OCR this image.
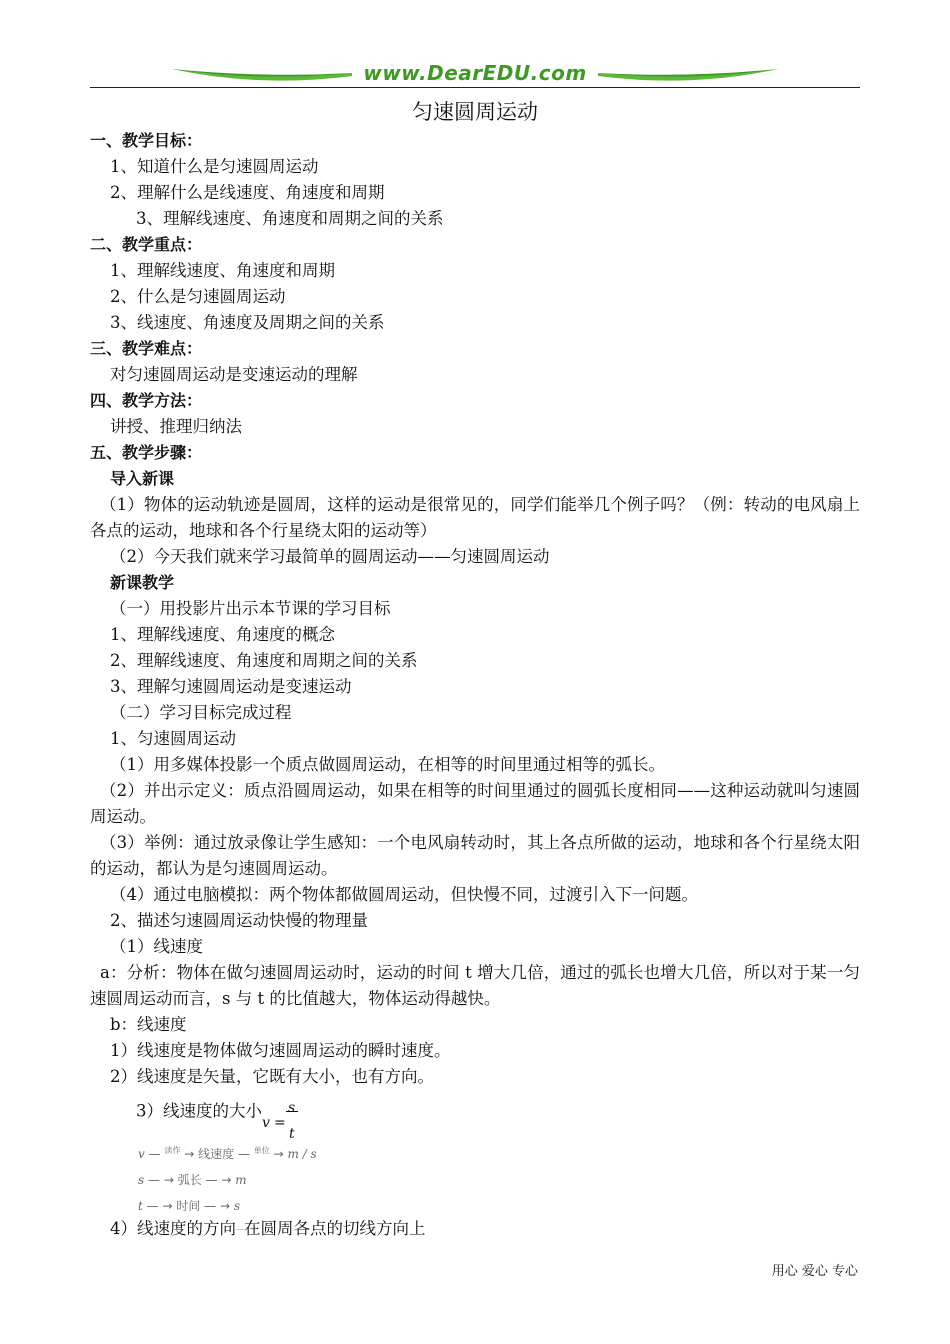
www.DearEDU.com
匀速圆周运动
一、教学目标：
1、知道什么是匀速圆周运动
2、理解什么是线速度、角速度和周期
3、理解线速度、角速度和周期之间的关系
二、教学重点：
1、理解线速度、角速度和周期
2、什么是匀速圆周运动
3、线速度、角速度及周期之间的关系
三、教学难点：
对匀速圆周运动是变速运动的理解
四、教学方法：
讲授、推理归纳法
五、教学步骤：
导入新课
（1）物体的运动轨迹是圆周，这样的运动是很常见的，同学们能举几个例子吗？（例：转动的电风扇上各点的运动，地球和各个行星绕太阳的运动等）
（2）今天我们就来学习最简单的圆周运动——匀速圆周运动
新课教学
（一）用投影片出示本节课的学习目标
1、理解线速度、角速度的概念
2、理解线速度、角速度和周期之间的关系
3、理解匀速圆周运动是变速运动
（二）学习目标完成过程
1、匀速圆周运动
（1）用多媒体投影一个质点做圆周运动，在相等的时间里通过相等的弧长。
（2）并出示定义：质点沿圆周运动，如果在相等的时间里通过的圆弧长度相同——这种运动就叫匀速圆周运动。
（3）举例：通过放录像让学生感知：一个电风扇转动时，其上各点所做的运动，地球和各个行星绕太阳的运动，都认为是匀速圆周运动。
（4）通过电脑模拟：两个物体都做圆周运动，但快慢不同，过渡引入下一问题。
2、描述匀速圆周运动快慢的物理量
（1）线速度
a：分析：物体在做匀速圆周运动时，运动的时间 t 增大几倍，通过的弧长也增大几倍，所以对于某一匀速圆周运动而言，s 与 t 的比值越大，物体运动得越快。
b：线速度
1）线速度是物体做匀速圆周运动的瞬时速度。
2）线速度是矢量，它既有大小，也有方向。
3）线速度的大小
v =
s
t
v — $^{读作}$ → 线速度 — $^{单位}$ → m / s
s — → 弧长 — → m
t — → 时间 — → s
4）线速度的方向 在圆周各点的切线方向上
用心 爱心 专心
